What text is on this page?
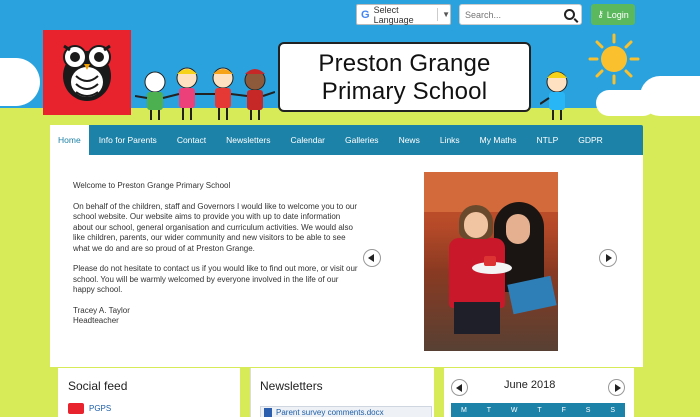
G Select Language	▼
Search...	⚷ Login
Preston Grange
Primary School
Home	Info for Parents	Contact	Newsletters	Calendar	Galleries	News	Links	My Maths	NTLP	GDPR

Welcome to Preston Grange Primary School

On behalf of the children, staff and Governors I would like to welcome you to our school website. Our website aims to provide you with up to date information about our school, general organisation and curriculum activities. We would also like children, parents, our wider community and new visitors to be able to see what we do and are so proud of at Preston Grange.

Please do not hesitate to contact us if you would like to find out more, or visit our school. You will be warmly welcomed by everyone involved in the life of our happy school.

Tracey A. Taylor
Headteacher
Social feed
PGPS
Newsletters
Parent survey comments.docx
June 2018
M	T	W	T	F	S	S
